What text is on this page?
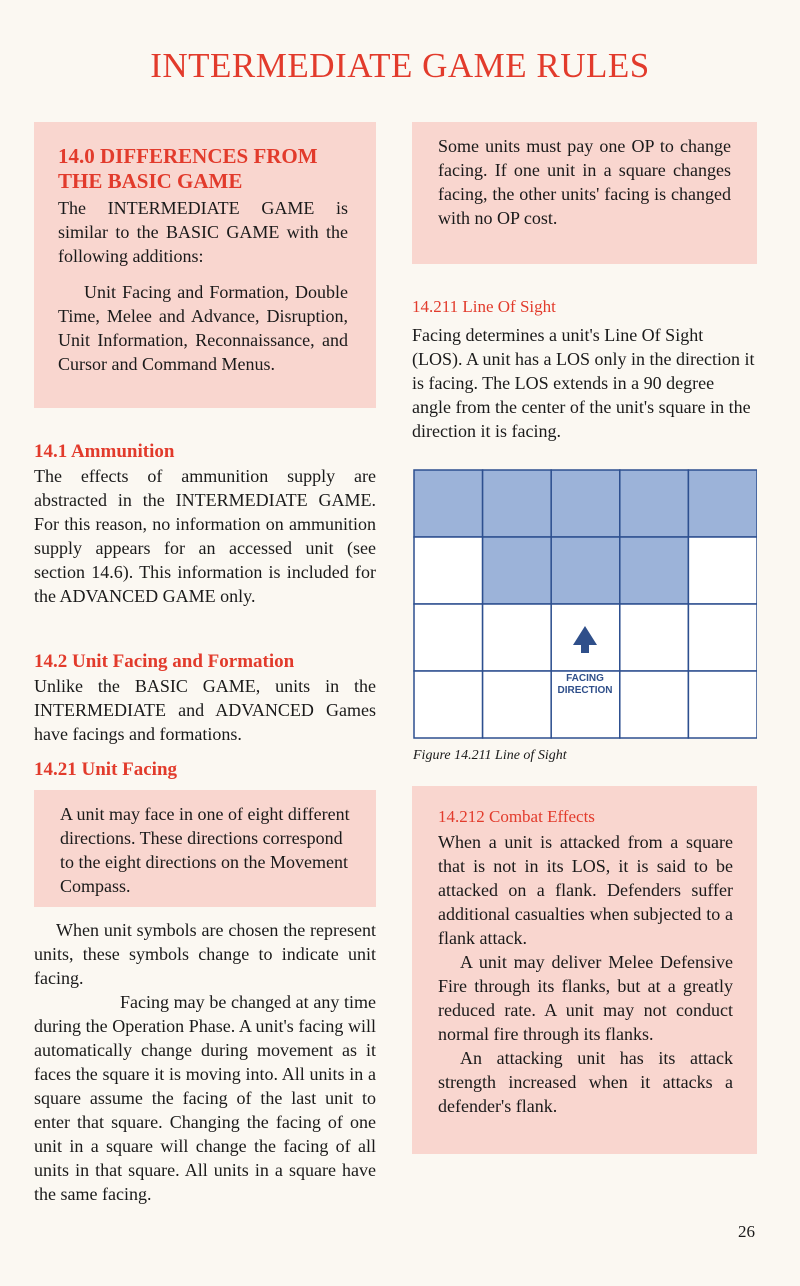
INTERMEDIATE GAME RULES
14.0 DIFFERENCES FROM THE BASIC GAME

The INTERMEDIATE GAME is similar to the BASIC GAME with the following additions:

Unit Facing and Formation, Double Time, Melee and Advance, Disruption, Unit Information, Reconnaissance, and Cursor and Command Menus.

14.1 Ammunition

The effects of ammunition supply are abstracted in the INTERMEDIATE GAME. For this reason, no information on ammunition supply appears for an accessed unit (see section 14.6). This information is included for the ADVANCED GAME only.

14.2 Unit Facing and Formation

Unlike the BASIC GAME, units in the INTERMEDIATE and ADVANCED Games have facings and formations.

14.21 Unit Facing

A unit may face in one of eight different directions. These directions correspond to the eight directions on the Movement Compass.

When unit symbols are chosen the represent units, these symbols change to indicate unit facing.

Facing may be changed at any time during the Operation Phase. A unit's facing will automatically change during movement as it faces the square it is moving into. All units in a square assume the facing of the last unit to enter that square. Changing the facing of one unit in a square will change the facing of all units in that square. All units in a square have the same facing.

Some units must pay one OP to change facing. If one unit in a square changes facing, the other units' facing is changed with no OP cost.

14.211 Line Of Sight

Facing determines a unit's Line Of Sight (LOS). A unit has a LOS only in the direction it is facing. The LOS extends in a 90 degree angle from the center of the unit's square in the direction it is facing.

FACING
DIRECTION
Figure 14.211 Line of Sight
14.212 Combat Effects

When a unit is attacked from a square that is not in its LOS, it is said to be attacked on a flank. Defenders suffer additional casualties when subjected to a flank attack.

A unit may deliver Melee Defensive Fire through its flanks, but at a greatly reduced rate. A unit may not conduct normal fire through its flanks.

An attacking unit has its attack strength increased when it attacks a defender's flank.

26
